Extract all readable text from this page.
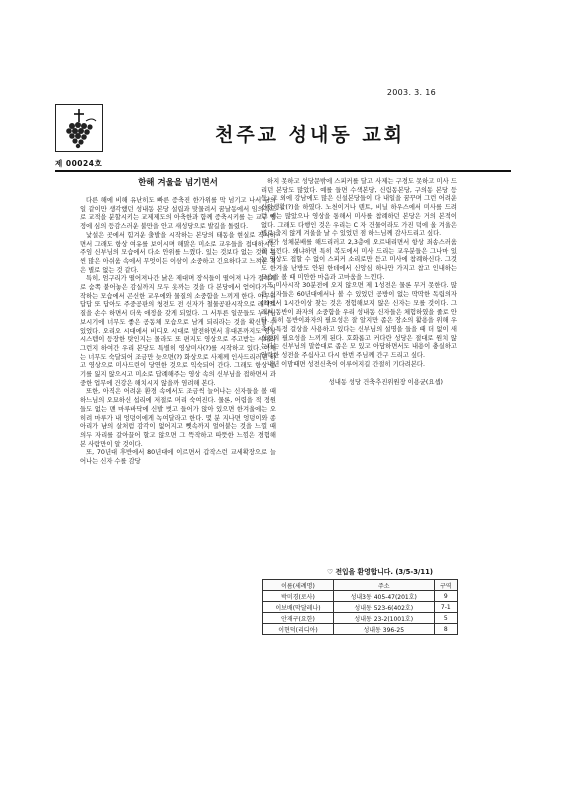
2003. 3. 16
천주교 성내동 교회
제 00024호
한해 겨울을 넘기면서

다른 해에 비해 유난히도 빠른 증축진 한가위를 막 넘기고 나서 냠의 일 같이만 생각했던 성내동 본당 설립과 맞물려서 꿈날동에서 임의적으로 교적을 분할시키는 교제제도의 아축한과 함께 증축시키를 는 교구 행정에 심의 등감스러운 불만을 안고 새성당으로 발길을 돌렸다.

낯설은 곳에서 힘겨운 출발을 시작하는 본당의 태동을 현실로 직시하면서 그래도 항상 여유를 보이시며 해맑은 미소로 교우들을 접대하시는 주임 신부님의 모습에서 다소 안위를 느꼈다. 있는 것보다 없는 것이 훨씬 많은 아쉬움 속에서 무엇이든 이삼이 소중하고 긴요하다고 느껴본 적은 별로 없는 것 같다.

특히, 엄구리가 떨어져나간 낡은 제대며 장식들이 떨어져 나가 접착제로 숨쪽 붙어놓은 감실까지 모두 옷까는 것을 다 본당에서 얻어다가 시작하는 모습에서 곤신한 교우에와 물질의 소중함을 느끼게 한다. 아무리 답답 또 답아도 주중공판의 청전도 전 신자가 철물공판시작으로 레미트질을 손수 하면서 더욱 애정을 갖게 되었다. 그 서투른 일꾼들도 누나님 보시기에 너무도 좋은 공동체 모습으로 남게 되리라는 것을 확신할 수 있었다. 오리오 시대에서 비디오 시대로 발전하면서 휴대폰까지도 영상시스템이 등장한 탓인지는 몰라도 또 편지도 영상으로 주고받는 시대라 그런지 하여간 우리 본당도 특별히 영상미사(?)를 시작하고 있다. 이제는 너무도 숙달되어 조금만 늦으면(?) 화상으로 사제께 인사드리러면 하고 영상으로 미사드린이 당연한 것으로 익숙되어 간다. 그래도 항상 용기를 잃지 않으시고 미소로 답례해주는 영상 속의 신부님을 접하면서 과중한 업무에 건강은 해치시지 않을까 염려해 본다.

또한, 아직은 어려운 환경 속에서도 조금씩 늘어나는 신자들을 볼 때 하느님의 오묘하신 섭리에 저절로 머리 숙여진다. 물론, 어렵을 적 정원들도 없는 맨 마루바닥에 신발 벗고 들어가 앉아 있으면 한겨울에는 오히려 마루가 내 엉덩이에게 녹여달라고 한다. 몇 분 지나면 엉덩이와 종아리가 냠의 살처럼 감각이 없어지고 뺏속까지 얼어붙는 것을 느낄 때 의두 자리를 갈아끌어 할고 않으면 그 뜩작하고 따뜻한 느낌은 경험해 본 사람만이 알 것이다.

또, 70년대 후반에서 80년대에 이르면서 갑작스런 교세확장으로 늘어나는 신자 수를 감당

하지 못하고 성당문밖에 스피커를 달고 사제는 구경도 못하고 미사 드리던 본당도 많았다. 예를 들면 수색본당, 신림동본당, 구의동 본당 등등, 그 외에 강남에도 많은 신설본당들이 다 내일을 꿈꾸며 그런 어려운 신앙생활(?)을 하였다. 노천이거나 텐트, 비닐 하우스에서 미사를 드려던 예는 많았으나 영상을 통해서 미사를 참례하던 본당은 거의 본적이 없다. 그래도 다행인 것은 우리는 C 자 건물이라도 가진 덕에 올 겨울은 별로 춥지 않게 겨울을 날 수 있었던 점 하느님께 감사드리고 싶다.

제가 성체분배를 해드리러고 2,3층에 오르내리면서 항상 죄송스러움을 느낀다. 왜냐하면 특히 복도에서 미사 드리는 교우분들은 그나마 있는 영상도 접할 수 없이 스피커 소리로만 듣고 미사에 참례하신다. 그것도 한겨울 난방도 안된 한데에서 신앙심 하나만 가지고 참고 인내하는 모습을 볼 때 미안한 마음과 고마움을 느낀다.

또 미사시작 30분전에 오지 않으면 제 1성전은 물론 무거 못한다. 많은 신자들은 60년대에서나 볼 수 있었던 공방이 없는 딱딱한 독립의자(?)에서 1시간이상 찾는 것은 경험해보지 않은 신자는 모를 것이다. 그래서 동반이 좌자의 소중함을 우리 성내동 신자들은 체험하였을 줄로 안다. 특히 동반이좌자의 필요성은 잘 알지만 좁은 장소의 활용을 위해 우측이 특정 걸상을 사용하고 있다는 신부님의 설명을 들을 때 더 없이 새 성전의 필요성을 느끼게 된다. 호화롭고 커다란 성당은 절대로 원치 않는다는 신부님의 말씀대로 좁은 모 있고 아담하면서도 내용이 충실하고 안락한 성전을 주십사고 다시 한번 주님께 간구 드리고 싶다.

내년 이맘때면 성전신축이 이루어지길 간절히 기다려본다.

성내동 성당 건축추진위원장 이용균(요셉)
♡ 전입을 환영합니다. (3/5-3/11)
이름(세례명)	주소	구역
박미경(로사)	성내3동 405-47(201호)	9
이보배(막달레나)	성내동 523-6(402호)	7-1
안재구(요한)	성내동 23-2(1001호)	5
이현덕(리디아)	성내동 396-25	8
